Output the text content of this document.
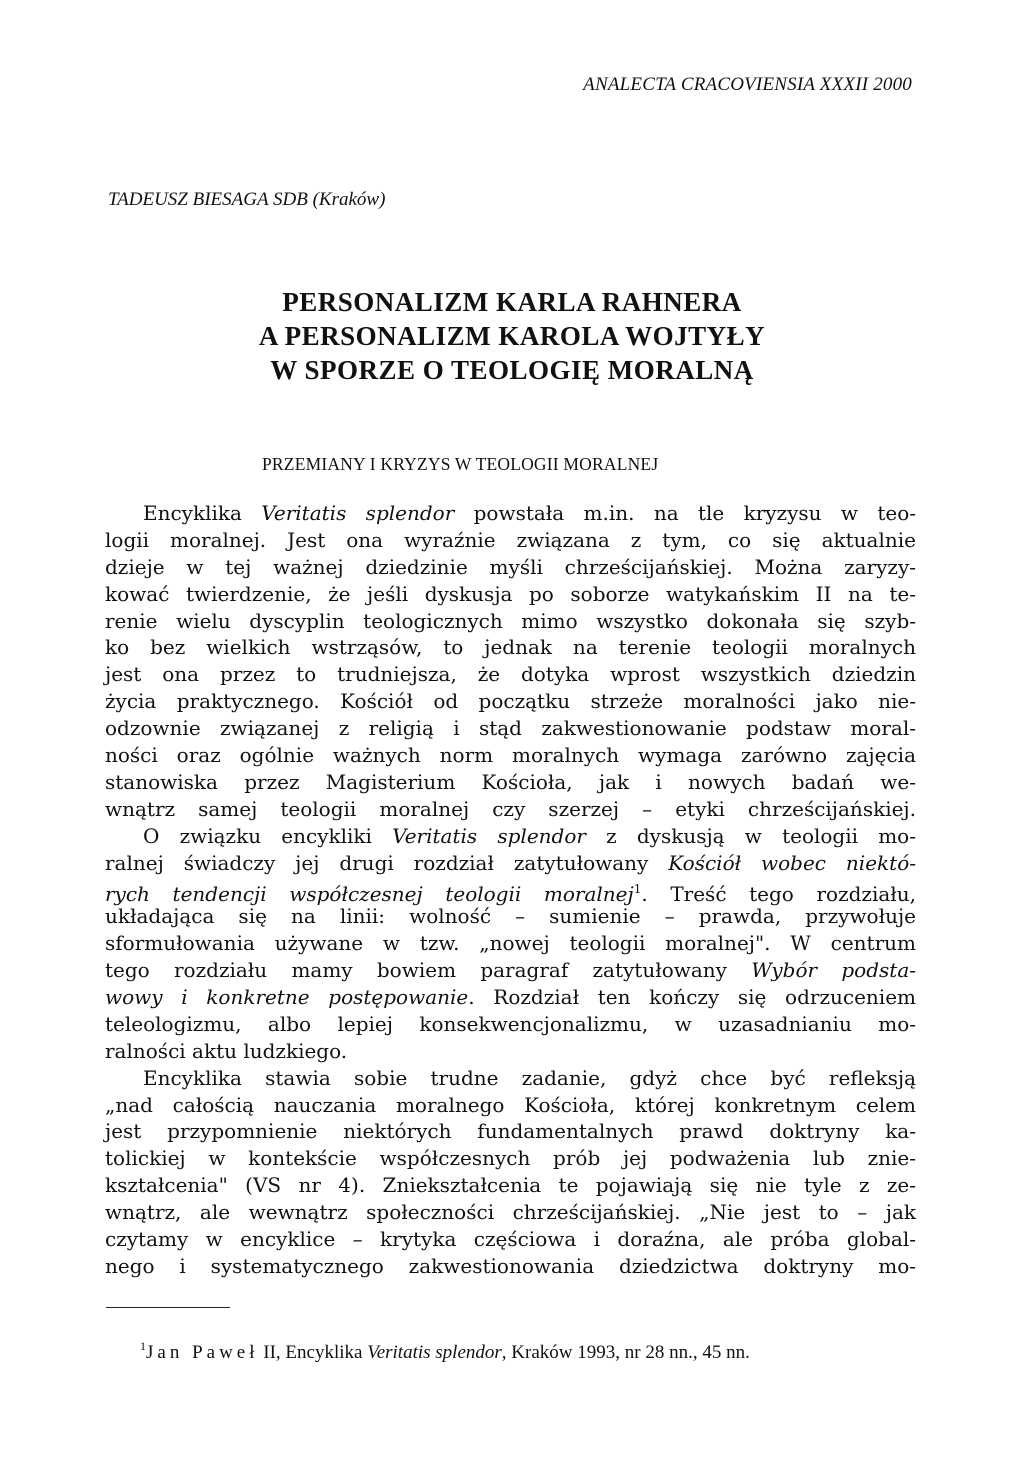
ANALECTA CRACOVIENSIA XXXII 2000
TADEUSZ BIESAGA SDB (Kraków)
PERSONALIZM KARLA RAHNERA
A PERSONALIZM KAROLA WOJTYŁY
W SPORZE O TEOLOGIĘ MORALNĄ
PRZEMIANY I KRYZYS W TEOLOGII MORALNEJ
Encyklika Veritatis splendor powstała m.in. na tle kryzysu w teo-
logii moralnej. Jest ona wyraźnie związana z tym, co się aktualnie
dzieje w tej ważnej dziedzinie myśli chrześcijańskiej. Można zaryzy-
kować twierdzenie, że jeśli dyskusja po soborze watykańskim II na te-
renie wielu dyscyplin teologicznych mimo wszystko dokonała się szyb-
ko bez wielkich wstrząsów, to jednak na terenie teologii moralnych
jest ona przez to trudniejsza, że dotyka wprost wszystkich dziedzin
życia praktycznego. Kościół od początku strzeże moralności jako nie-
odzownie związanej z religią i stąd zakwestionowanie podstaw moral-
ności oraz ogólnie ważnych norm moralnych wymaga zarówno zajęcia
stanowiska przez Magisterium Kościoła, jak i nowych badań we-
wnątrz samej teologii moralnej czy szerzej – etyki chrześcijańskiej.
O związku encykliki Veritatis splendor z dyskusją w teologii mo-
ralnej świadczy jej drugi rozdział zatytułowany Kościół wobec niektó-
rych tendencji współczesnej teologii moralnej$^1$. Treść tego rozdziału,
układająca się na linii: wolność – sumienie – prawda, przywołuje
sformułowania używane w tzw. „nowej teologii moralnej". W centrum
tego rozdziału mamy bowiem paragraf zatytułowany Wybór podsta-
wowy i konkretne postępowanie. Rozdział ten kończy się odrzuceniem
teleologizmu, albo lepiej konsekwencjonalizmu, w uzasadnianiu mo-
ralności aktu ludzkiego.
Encyklika stawia sobie trudne zadanie, gdyż chce być refleksją
„nad całością nauczania moralnego Kościoła, której konkretnym celem
jest przypomnienie niektórych fundamentalnych prawd doktryny ka-
tolickiej w kontekście współczesnych prób jej podważenia lub znie-
kształcenia" (VS nr 4). Zniekształcenia te pojawiają się nie tyle z ze-
wnątrz, ale wewnątrz społeczności chrześcijańskiej. „Nie jest to – jak
czytamy w encyklice – krytyka częściowa i doraźna, ale próba global-
nego i systematycznego zakwestionowania dziedzictwa doktryny mo-
$^1$Jan Paweł II, Encyklika Veritatis splendor, Kraków 1993, nr 28 nn., 45 nn.
